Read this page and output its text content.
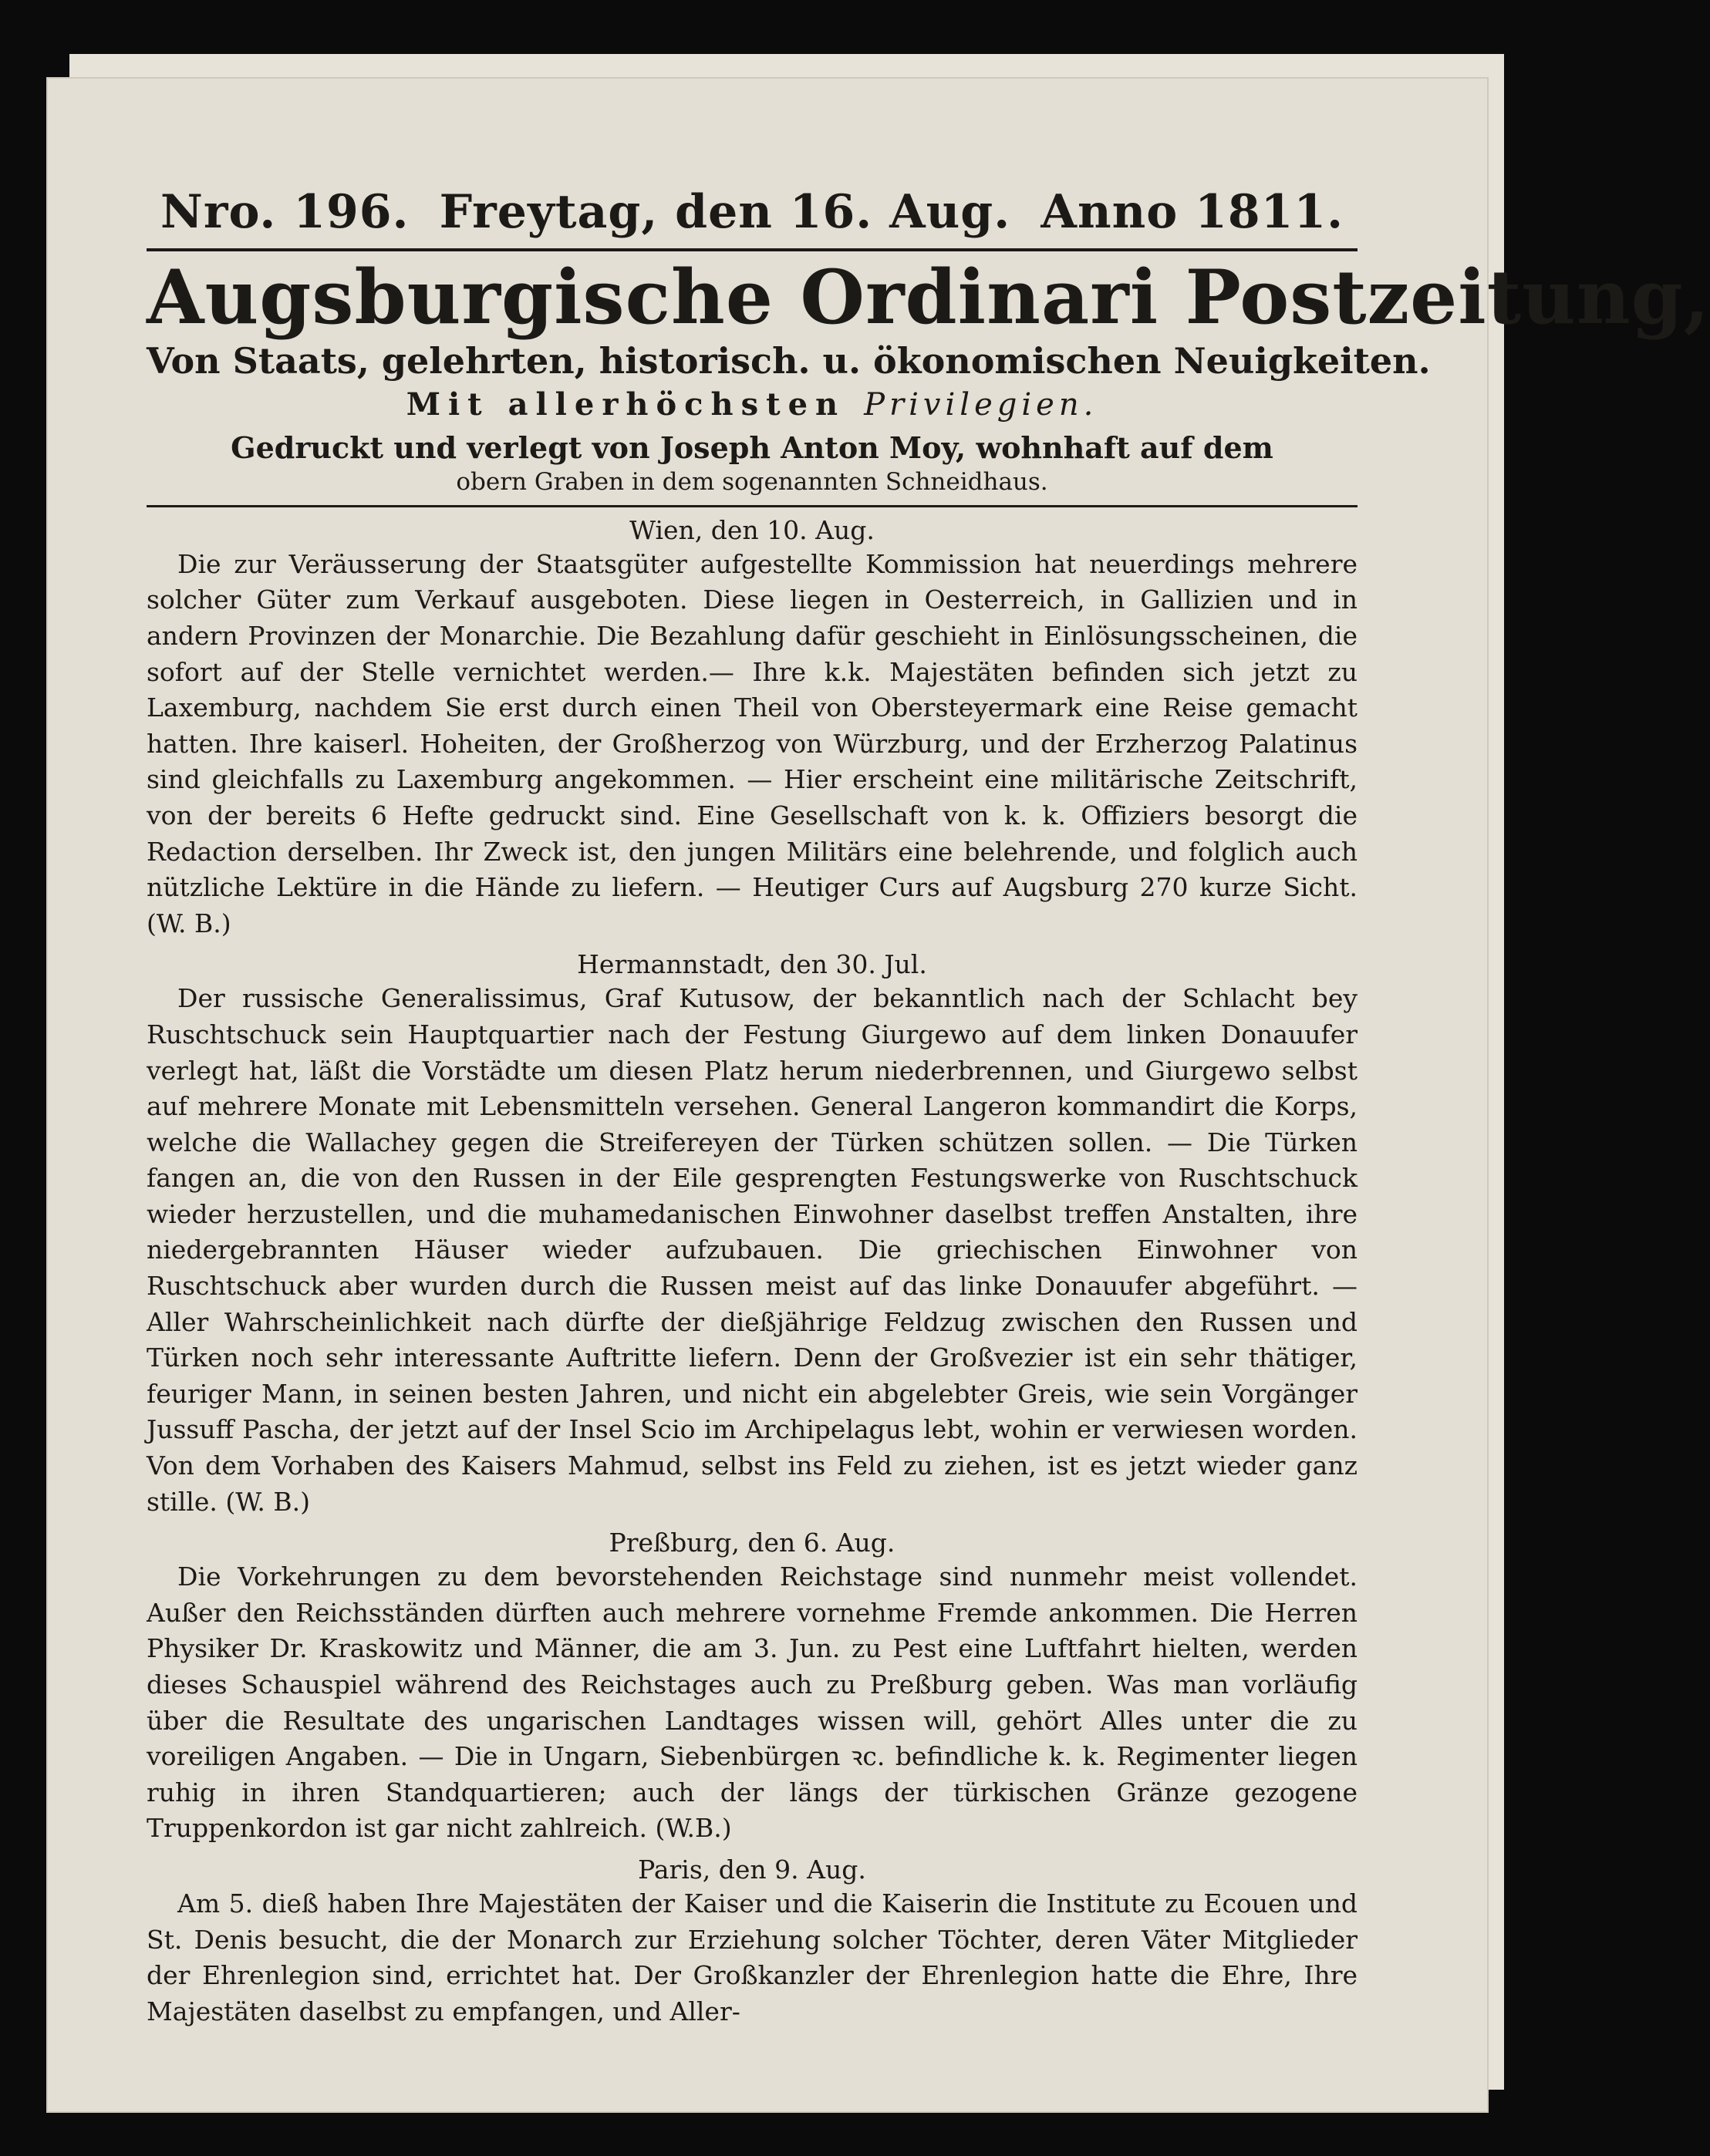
Nro. 196. Freytag, den 16. Aug. Anno 1811.
Augsburgische Ordinari Postzeitung,
Von Staats, gelehrten, historisch. u. ökonomischen Neuigkeiten.
Mit allerhöchsten Privilegien.
Gedruckt und verlegt von Joseph Anton Moy, wohnhaft auf dem
obern Graben in dem sogenannten Schneidhaus.
Wien, den 10. Aug.

Die zur Veräusserung der Staatsgüter aufgestellte Kommission hat neuerdings mehrere solcher Güter zum Verkauf ausgeboten. Diese liegen in Oesterreich, in Gallizien und in andern Provinzen der Monarchie. Die Bezahlung dafür geschieht in Einlösungsscheinen, die sofort auf der Stelle vernichtet werden.— Ihre k.k. Majestäten befinden sich jetzt zu Laxemburg, nachdem Sie erst durch einen Theil von Obersteyermark eine Reise gemacht hatten. Ihre kaiserl. Hoheiten, der Großherzog von Würzburg, und der Erzherzog Palatinus sind gleichfalls zu Laxemburg angekommen. — Hier erscheint eine militärische Zeitschrift, von der bereits 6 Hefte gedruckt sind. Eine Gesellschaft von k. k. Offiziers besorgt die Redaction derselben. Ihr Zweck ist, den jungen Militärs eine belehrende, und folglich auch nützliche Lektüre in die Hände zu liefern. — Heutiger Curs auf Augsburg 270 kurze Sicht. (W. B.)

Hermannstadt, den 30. Jul.

Der russische Generalissimus, Graf Kutusow, der bekanntlich nach der Schlacht bey Ruschtschuck sein Hauptquartier nach der Festung Giurgewo auf dem linken Donauufer verlegt hat, läßt die Vorstädte um diesen Platz herum niederbrennen, und Giurgewo selbst auf mehrere Monate mit Lebensmitteln versehen. General Langeron kommandirt die Korps, welche die Wallachey gegen die Streifereyen der Türken schützen sollen. — Die Türken fangen an, die von den Russen in der Eile gesprengten Festungswerke von Ruschtschuck wieder herzustellen, und die muhamedanischen Einwohner daselbst treffen Anstalten, ihre niedergebrannten Häuser wieder aufzubauen. Die griechischen Einwohner von Ruschtschuck aber wurden durch die Russen meist auf das linke Donauufer abgeführt. — Aller Wahrscheinlichkeit nach dürfte der dießjährige Feldzug zwischen den Russen und Türken noch sehr interessante Auftritte liefern. Denn der Großvezier ist ein sehr thätiger, feuriger Mann, in seinen besten Jahren, und nicht ein abgelebter Greis, wie sein Vorgänger Jussuff Pascha, der jetzt auf der Insel Scio im Archipelagus lebt, wohin er verwiesen worden. Von dem Vorhaben des Kaisers Mahmud, selbst ins Feld zu ziehen, ist es jetzt wieder ganz stille. (W. B.)

Preßburg, den 6. Aug.

Die Vorkehrungen zu dem bevorstehenden Reichstage sind nunmehr meist vollendet. Außer den Reichsständen dürften auch mehrere vornehme Fremde ankommen. Die Herren Physiker Dr. Kraskowitz und Männer, die am 3. Jun. zu Pest eine Luftfahrt hielten, werden dieses Schauspiel während des Reichstages auch zu Preßburg geben. Was man vorläufig über die Resultate des ungarischen Landtages wissen will, gehört Alles unter die zu voreiligen Angaben. — Die in Ungarn, Siebenbürgen ꝛc. befindliche k. k. Regimenter liegen ruhig in ihren Standquartieren; auch der längs der türkischen Gränze gezogene Truppenkordon ist gar nicht zahlreich. (W.B.)

Paris, den 9. Aug.

Am 5. dieß haben Ihre Majestäten der Kaiser und die Kaiserin die Institute zu Ecouen und St. Denis besucht, die der Monarch zur Erziehung solcher Töchter, deren Väter Mitglieder der Ehrenlegion sind, errichtet hat. Der Großkanzler der Ehrenlegion hatte die Ehre, Ihre Majestäten daselbst zu empfangen, und Aller-
